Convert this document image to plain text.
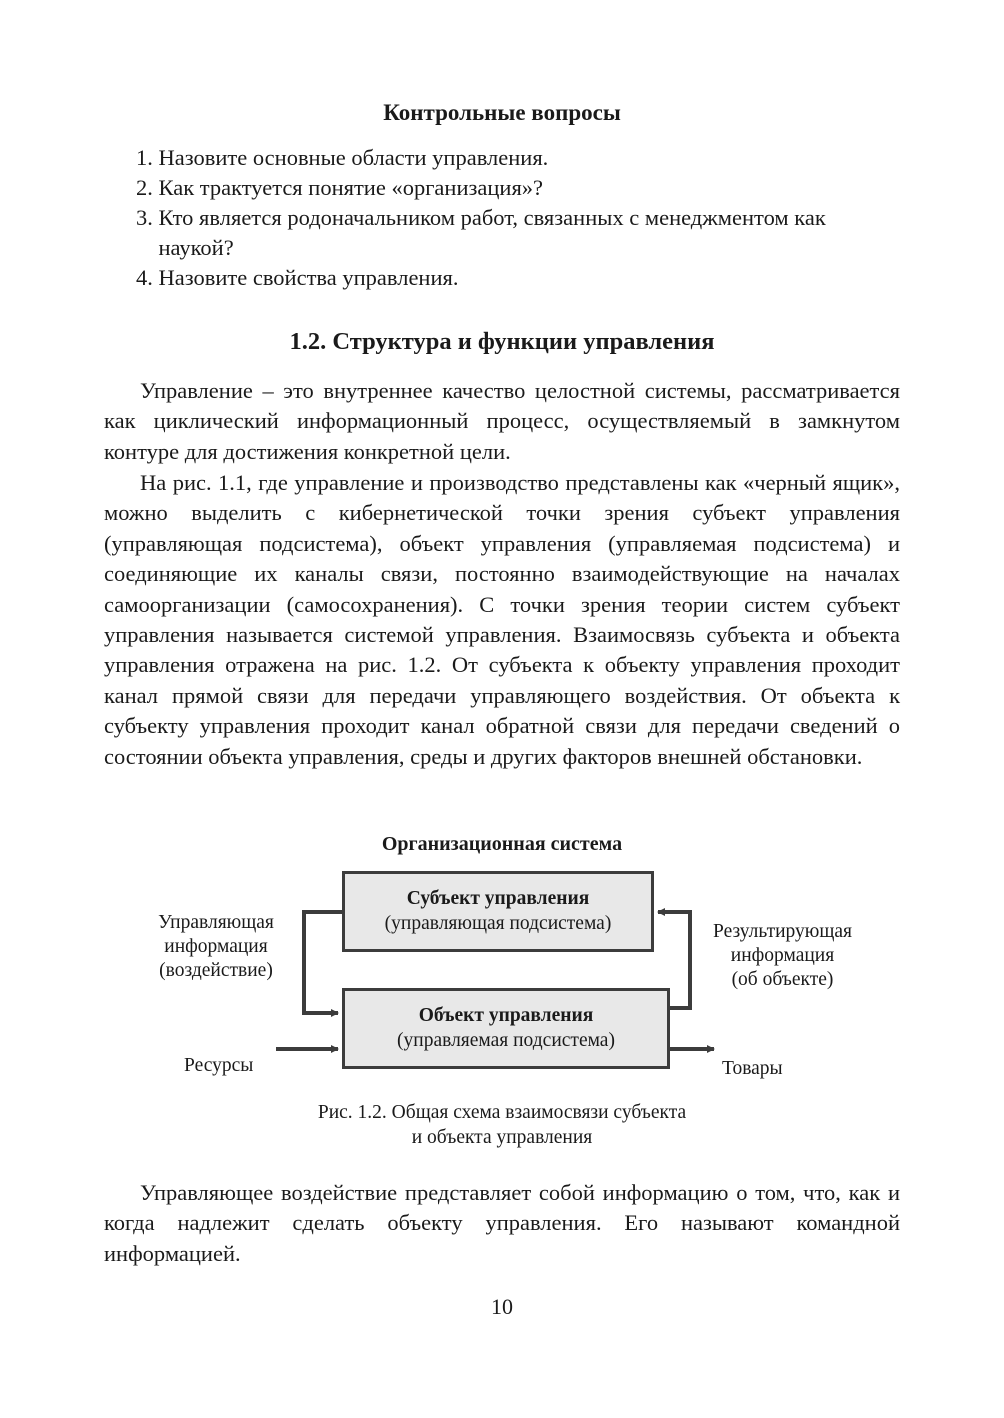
Контрольные вопросы
1. Назовите основные области управления.
2. Как трактуется понятие «организация»?
3. Кто является родоначальником работ, связанных с менеджментом как наукой?
4. Назовите свойства управления.
1.2. Структура и функции управления

Управление – это внутреннее качество целостной системы, рассматривается как циклический информационный процесс, осуществляемый в замкнутом контуре для достижения конкретной цели.

На рис. 1.1, где управление и производство представлены как «черный ящик», можно выделить с кибернетической точки зрения субъект управления (управляющая подсистема), объект управления (управляемая подсистема) и соединяющие их каналы связи, постоянно взаимодействующие на началах самоорганизации (самосохранения). С точки зрения теории систем субъект управления называется системой управления. Взаимосвязь субъекта и объекта управления отражена на рис. 1.2. От субъекта к объекту управления проходит канал прямой связи для передачи управляющего воздействия. От объекта к субъекту управления проходит канал обратной связи для передачи сведений о состоянии объекта управления, среды и других факторов внешней обстановки.

Организационная система
Субъект управления
(управляющая подсистема)
Объект управления
(управляемая подсистема)
Управляющая
информация
(воздействие)
Результирующая
информация
(об объекте)
Ресурсы	Товары
Рис. 1.2. Общая схема взаимосвязи субъекта
и объекта управления

Управляющее воздействие представляет собой информацию о том, что, как и когда надлежит сделать объекту управления. Его называют командной информацией.

10
